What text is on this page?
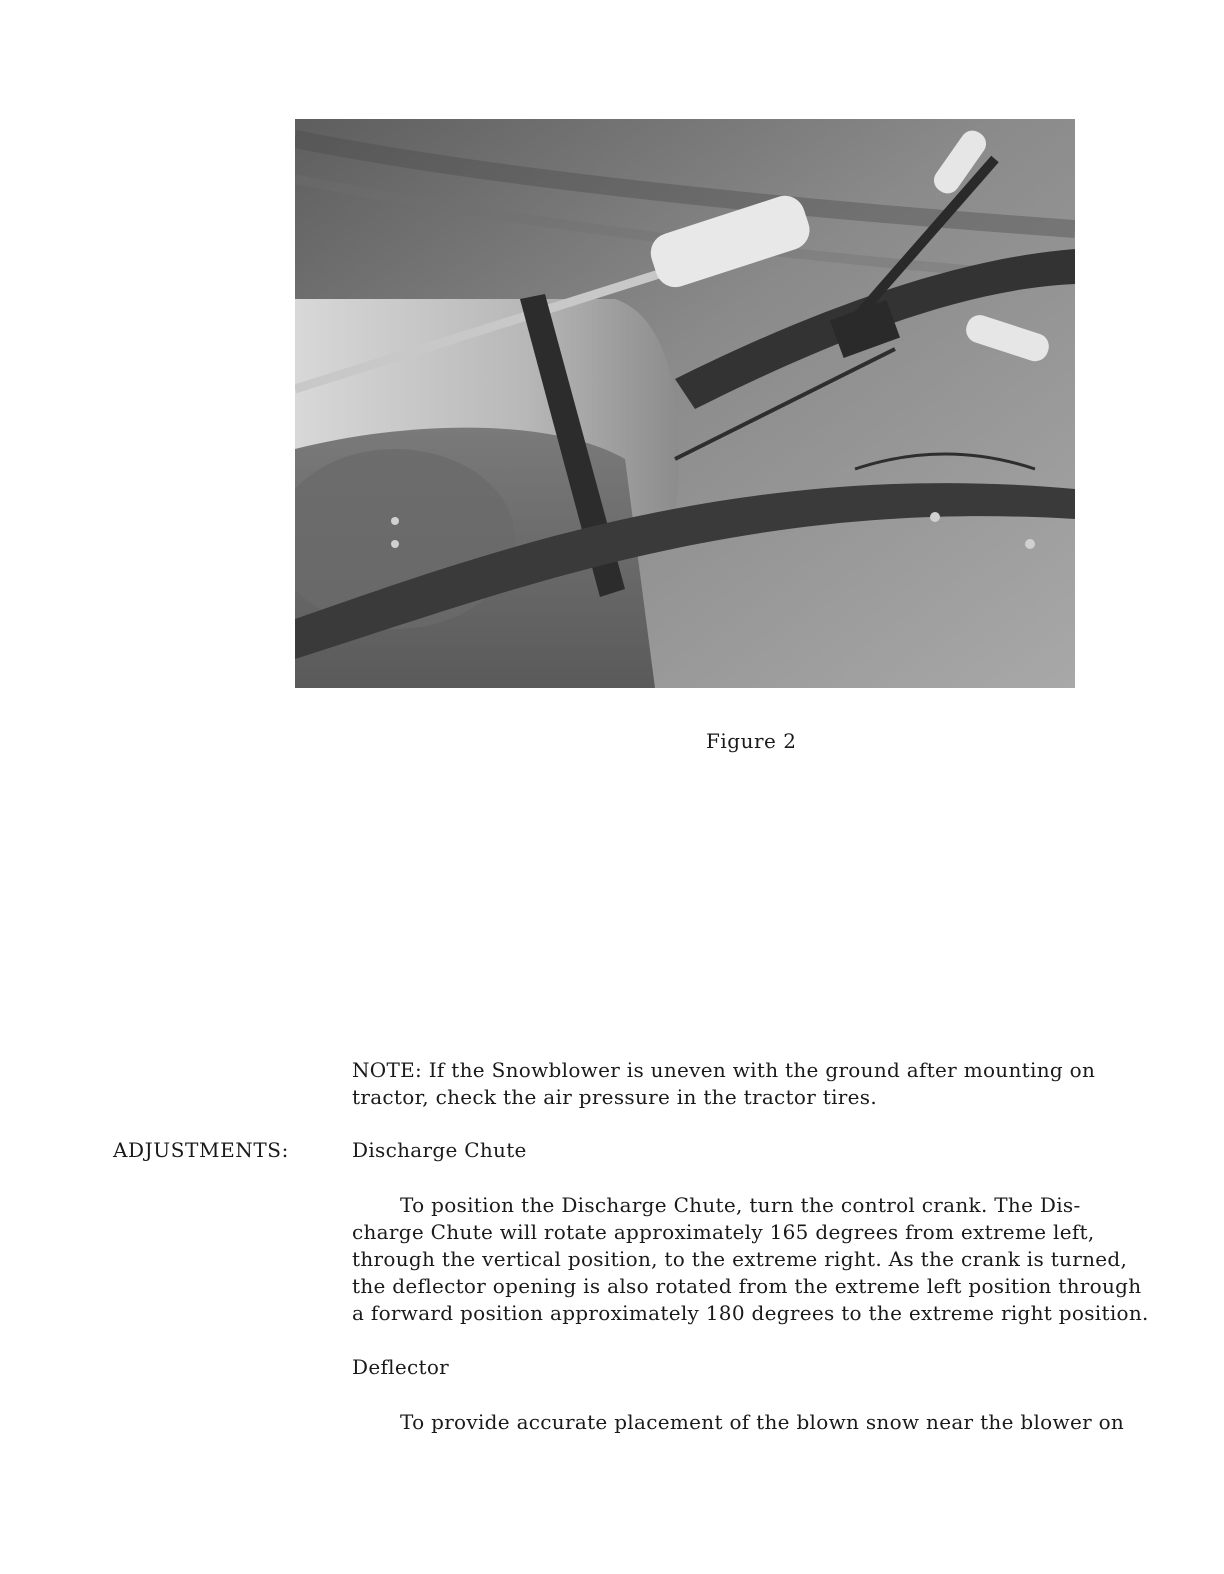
Figure 2
NOTE: If the Snowblower is uneven with the ground after mounting on
tractor, check the air pressure in the tractor tires.
ADJUSTMENTS:	Discharge Chute
To position the Discharge Chute, turn the control crank. The Dis-
charge Chute will rotate approximately 165 degrees from extreme left,
through the vertical position, to the extreme right. As the crank is turned,
the deflector opening is also rotated from the extreme left position through
a forward position approximately 180 degrees to the extreme right position.
Deflector
To provide accurate placement of the blown snow near the blower on
